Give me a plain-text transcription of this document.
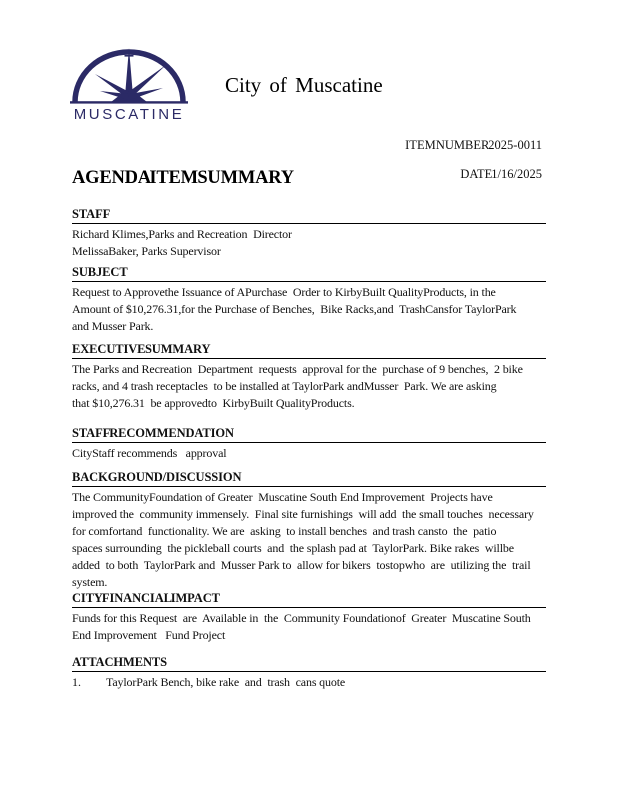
MUSCATINE
City of Muscatine
ITEM NUMBER2025-0011
DATE1/16/2025
AGENDA ITEM SUMMARY
STAFF
Richard Klimes,Parks and Recreation  Director
MelissaBaker, Parks Supervisor
SUBJECT
Request to Approvethe Issuance of APurchase  Order to KirbyBuilt QualityProducts, in the
Amount of $10,276.31,for the Purchase of Benches,  Bike Racks,and  TrashCansfor TaylorPark
and Musser Park.
EXECUTIVE SUMMARY
The Parks and Recreation  Department  requests  approval for the  purchase of 9 benches,  2 bike
racks, and 4 trash receptacles  to be installed at TaylorPark andMusser  Park. We are asking
that $10,276.31  be approvedto  KirbyBuilt QualityProducts.
STAFF RECOMMENDATION
CityStaff recommends   approval
BACKGROUND/DISCUSSION
The CommunityFoundation of Greater  Muscatine South End Improvement  Projects have
improved the  community immensely.  Final site furnishings  will add  the small touches  necessary
for comfortand  functionality. We are  asking  to install benches  and trash cansto  the  patio
spaces surrounding  the pickleball courts  and  the splash pad at  TaylorPark. Bike rakes  willbe
added  to both  TaylorPark and  Musser Park to  allow for bikers  tostopwho  are  utilizing the  trail
system.
CITY FINANCIAL IMPACT
Funds for this Request  are  Available in  the  Community Foundationof  Greater  Muscatine South
End Improvement   Fund Project
ATTACHMENTS
1.	TaylorPark Bench, bike rake  and  trash  cans quote
